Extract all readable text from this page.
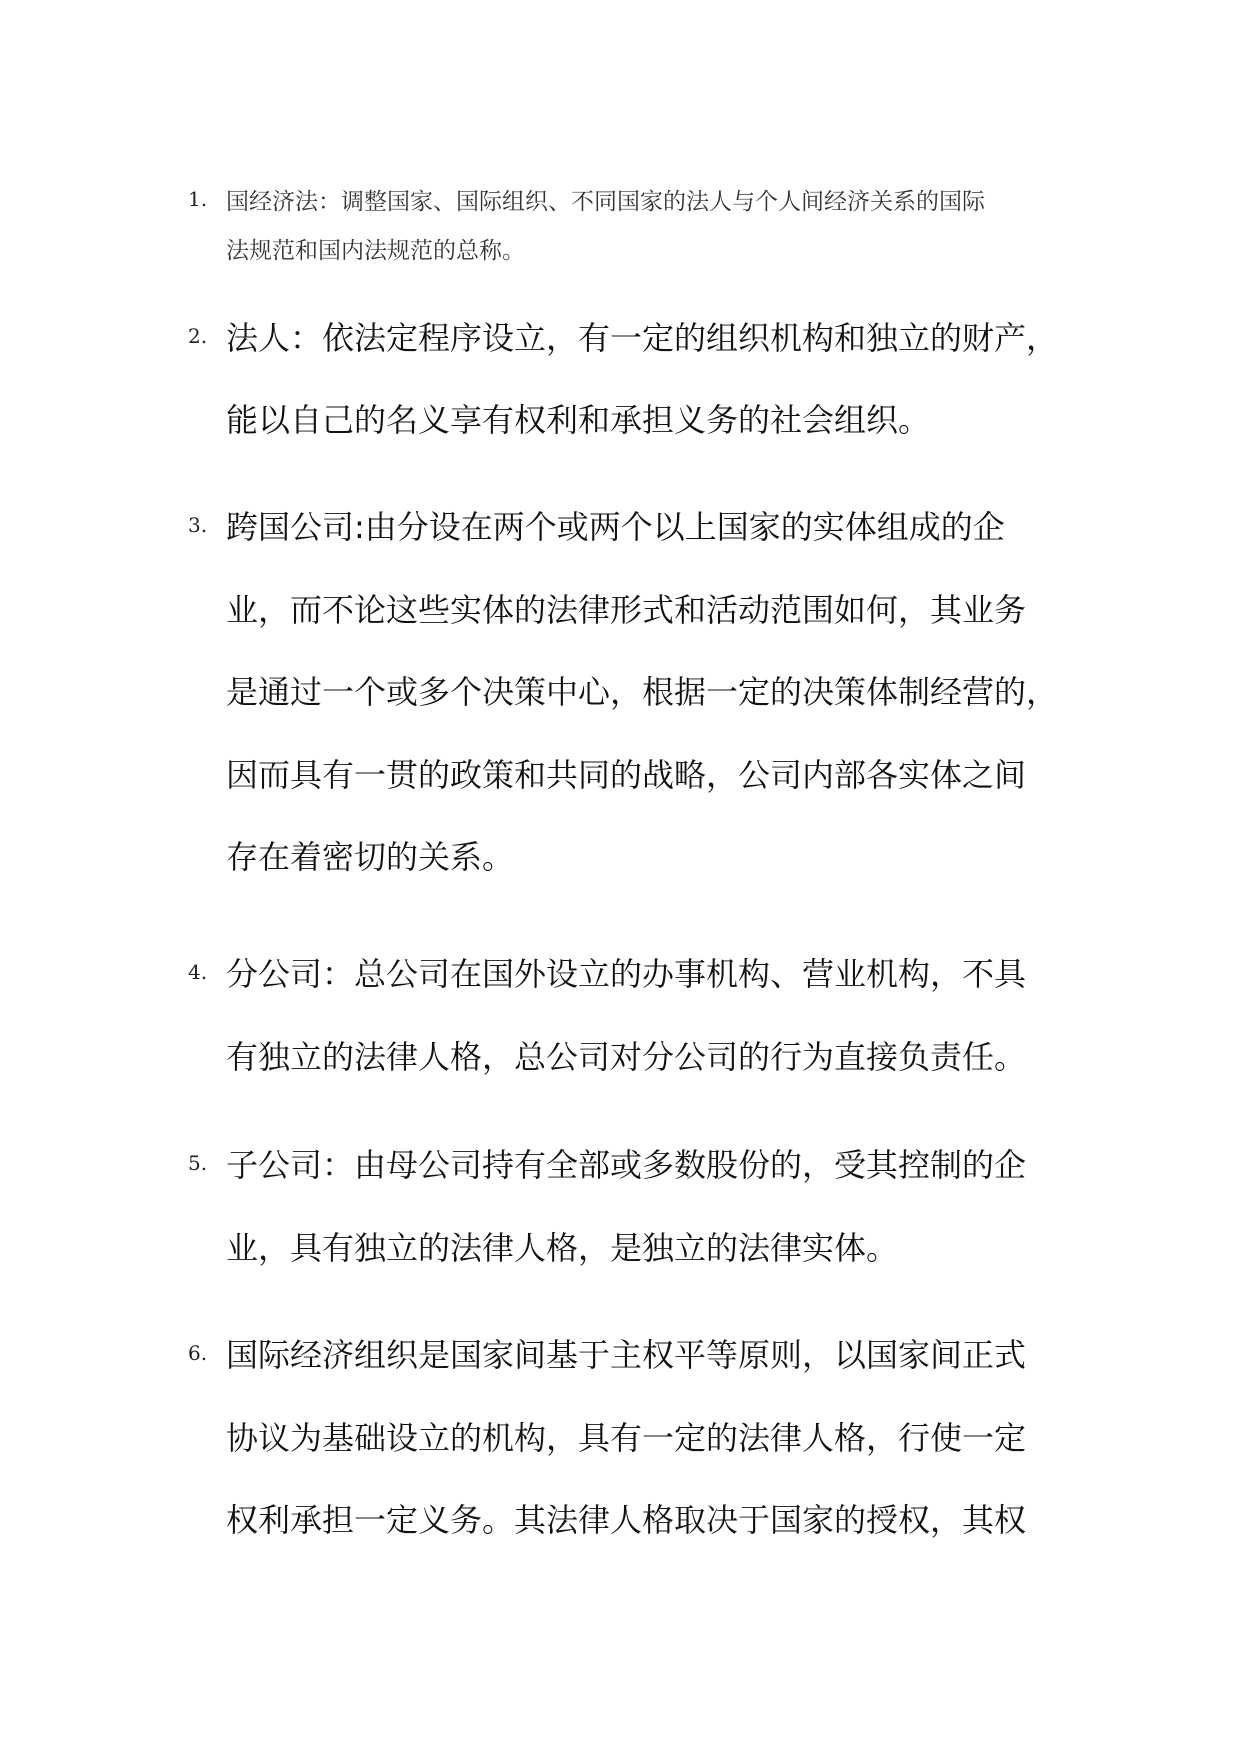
1. 国经济法：调整国家、国际组织、不同国家的法人与个人间经济关系的国际
法规范和国内法规范的总称。
2. 法人：依法定程序设立，有一定的组织机构和独立的财产，
能以自己的名义享有权利和承担义务的社会组织。
3. 跨国公司:由分设在两个或两个以上国家的实体组成的企
业，而不论这些实体的法律形式和活动范围如何，其业务
是通过一个或多个决策中心，根据一定的决策体制经营的，
因而具有一贯的政策和共同的战略，公司内部各实体之间
存在着密切的关系。
4. 分公司：总公司在国外设立的办事机构、营业机构，不具
有独立的法律人格，总公司对分公司的行为直接负责任。
5. 子公司：由母公司持有全部或多数股份的，受其控制的企
业，具有独立的法律人格，是独立的法律实体。
6. 国际经济组织是国家间基于主权平等原则，以国家间正式
协议为基础设立的机构，具有一定的法律人格，行使一定
权利承担一定义务。其法律人格取决于国家的授权，其权
